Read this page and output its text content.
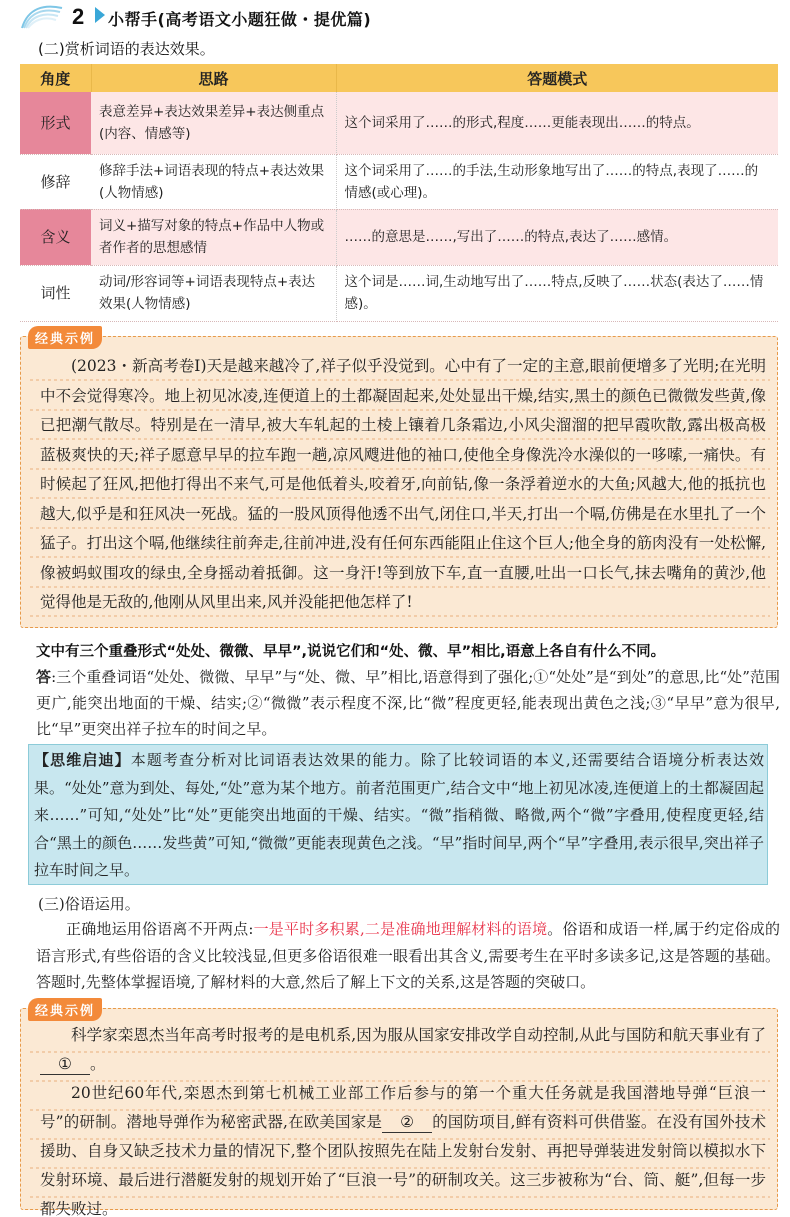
2 小帮手(高考语文小题狂做・提优篇)
(二)赏析词语的表达效果。
角度	思路	答题模式
形式	表意差异+表达效果差异+表达侧重点(内容、情感等)	这个词采用了……的形式,程度……更能表现出……的特点。
修辞	修辞手法+词语表现的特点+表达效果(人物情感)	这个词采用了……的手法,生动形象地写出了……的特点,表现了……的情感(或心理)。
含义	词义+描写对象的特点+作品中人物或者作者的思想感情	……的意思是……,写出了……的特点,表达了……感情。
词性	动词/形容词等+词语表现特点+表达效果(人物情感)	这个词是……词,生动地写出了……特点,反映了……状态(表达了……情感)。
经典示例

(2023・新高考卷Ⅰ)天是越来越冷了,祥子似乎没觉到。心中有了一定的主意,眼前便增多了光明;在光明中不会觉得寒冷。地上初见冰凌,连便道上的土都凝固起来,处处显出干燥,结实,黑土的颜色已微微发些黄,像已把潮气散尽。特别是在一清早,被大车轧起的土棱上镶着几条霜边,小风尖溜溜的把早霞吹散,露出极高极蓝极爽快的天;祥子愿意早早的拉车跑一趟,凉风飕进他的袖口,使他全身像洗冷水澡似的一哆嗦,一痛快。有时候起了狂风,把他打得出不来气,可是他低着头,咬着牙,向前钻,像一条浮着逆水的大鱼;风越大,他的抵抗也越大,似乎是和狂风决一死战。猛的一股风顶得他透不出气,闭住口,半天,打出一个嗝,仿佛是在水里扎了一个猛子。打出这个嗝,他继续往前奔走,往前冲进,没有任何东西能阻止住这个巨人;他全身的筋肉没有一处松懈,像被蚂蚁围攻的绿虫,全身摇动着抵御。这一身汗!等到放下车,直一直腰,吐出一口长气,抹去嘴角的黄沙,他觉得他是无敌的,他刚从风里出来,风并没能把他怎样了!

文中有三个重叠形式“处处、微微、早早”,说说它们和“处、微、早”相比,语意上各自有什么不同。
答:三个重叠词语“处处、微微、早早”与“处、微、早”相比,语意得到了强化;①“处处”是“到处”的意思,比“处”范围更广,能突出地面的干燥、结实;②“微微”表示程度不深,比“微”程度更轻,能表现出黄色之浅;③“早早”意为很早,比“早”更突出祥子拉车的时间之早。
【思维启迪】本题考查分析对比词语表达效果的能力。除了比较词语的本义,还需要结合语境分析表达效果。“处处”意为到处、每处,“处”意为某个地方。前者范围更广,结合文中“地上初见冰凌,连便道上的土都凝固起来……”可知,“处处”比“处”更能突出地面的干燥、结实。“微”指稍微、略微,两个“微”字叠用,使程度更轻,结合“黑土的颜色……发些黄”可知,“微微”更能表现黄色之浅。“早”指时间早,两个“早”字叠用,表示很早,突出祥子拉车时间之早。
(三)俗语运用。
正确地运用俗语离不开两点:一是平时多积累,二是准确地理解材料的语境。俗语和成语一样,属于约定俗成的语言形式,有些俗语的含义比较浅显,但更多俗语很难一眼看出其含义,需要考生在平时多读多记,这是答题的基础。答题时,先整体掌握语境,了解材料的大意,然后了解上下文的关系,这是答题的突破口。
经典示例

科学家栾恩杰当年高考时报考的是电机系,因为服从国家安排改学自动控制,从此与国防和航天事业有了① 。

20世纪60年代,栾恩杰到第七机械工业部工作后参与的第一个重大任务就是我国潜地导弹“巨浪一号”的研制。潜地导弹作为秘密武器,在欧美国家是 ② 的国防项目,鲜有资料可供借鉴。在没有国外技术援助、自身又缺乏技术力量的情况下,整个团队按照先在陆上发射台发射、再把导弹装进发射筒以模拟水下发射环境、最后进行潜艇发射的规划开始了“巨浪一号”的研制攻关。这三步被称为“台、筒、艇”,但每一步都失败过。
